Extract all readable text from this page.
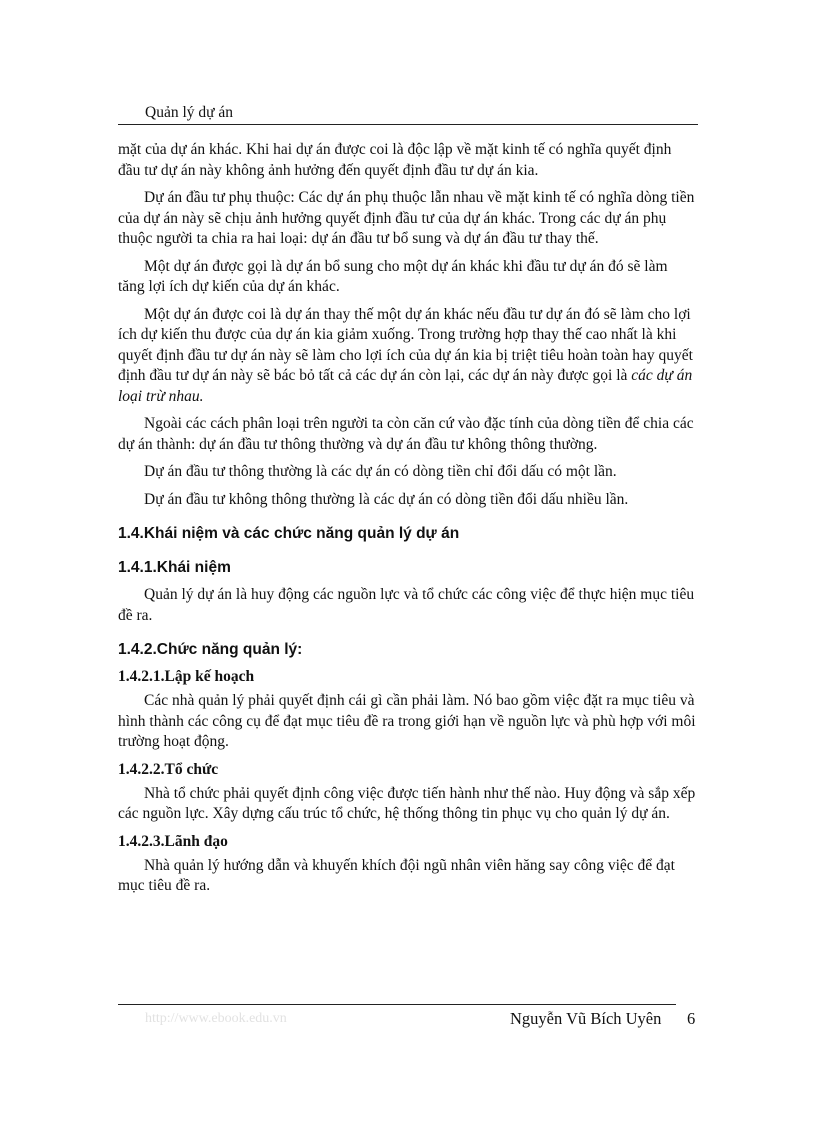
Quản lý dự án

mặt của dự án khác. Khi hai dự án được coi là độc lập về mặt kinh tế có nghĩa quyết định đầu tư dự án này không ảnh hưởng đến quyết định đầu tư dự án kia.

Dự án đầu tư phụ thuộc: Các dự án phụ thuộc lẫn nhau về mặt kinh tế có nghĩa dòng tiền của dự án này sẽ chịu ảnh hưởng quyết định đầu tư của dự án khác. Trong các dự án phụ thuộc người ta chia ra hai loại: dự án đầu tư bổ sung và dự án đầu tư thay thế.

Một dự án được gọi là dự án bổ sung cho một dự án khác khi đầu tư dự án đó sẽ làm tăng lợi ích dự kiến của dự án khác.

Một dự án được coi là dự án thay thế một dự án khác nếu đầu tư dự án đó sẽ làm cho lợi ích dự kiến thu được của dự án kia giảm xuống. Trong trường hợp thay thế cao nhất là khi quyết định đầu tư dự án này sẽ làm cho lợi ích của dự án kia bị triệt tiêu hoàn toàn hay quyết định đầu tư dự án này sẽ bác bỏ tất cả các dự án còn lại, các dự án này được gọi là các dự án loại trừ nhau.

Ngoài các cách phân loại trên người ta còn căn cứ vào đặc tính của dòng tiền để chia các dự án thành: dự án đầu tư thông thường và dự án đầu tư không thông thường.

Dự án đầu tư thông thường là các dự án có dòng tiền chỉ đổi dấu có một lần.

Dự án đầu tư không thông thường là các dự án có dòng tiền đổi dấu nhiều lần.

1.4.Khái niệm và các chức năng quản lý dự án
1.4.1.Khái niệm

Quản lý dự án là huy động các nguồn lực và tổ chức các công việc để thực hiện mục tiêu đề ra.

1.4.2.Chức năng quản lý:
1.4.2.1.Lập kế hoạch

Các nhà quản lý phải quyết định cái gì cần phải làm. Nó bao gồm việc đặt ra mục tiêu và hình thành các công cụ để đạt mục tiêu đề ra trong giới hạn về nguồn lực và phù hợp với môi trường hoạt động.

1.4.2.2.Tổ chức

Nhà tổ chức phải quyết định công việc được tiến hành như thế nào. Huy động và sắp xếp các nguồn lực. Xây dựng cấu trúc tổ chức, hệ thống thông tin phục vụ cho quản lý dự án.

1.4.2.3.Lãnh đạo

Nhà quản lý hướng dẫn và khuyến khích đội ngũ nhân viên hăng say công việc để đạt mục tiêu đề ra.

http://www.ebook.edu.vn	Nguyễn Vũ Bích Uyên 6
